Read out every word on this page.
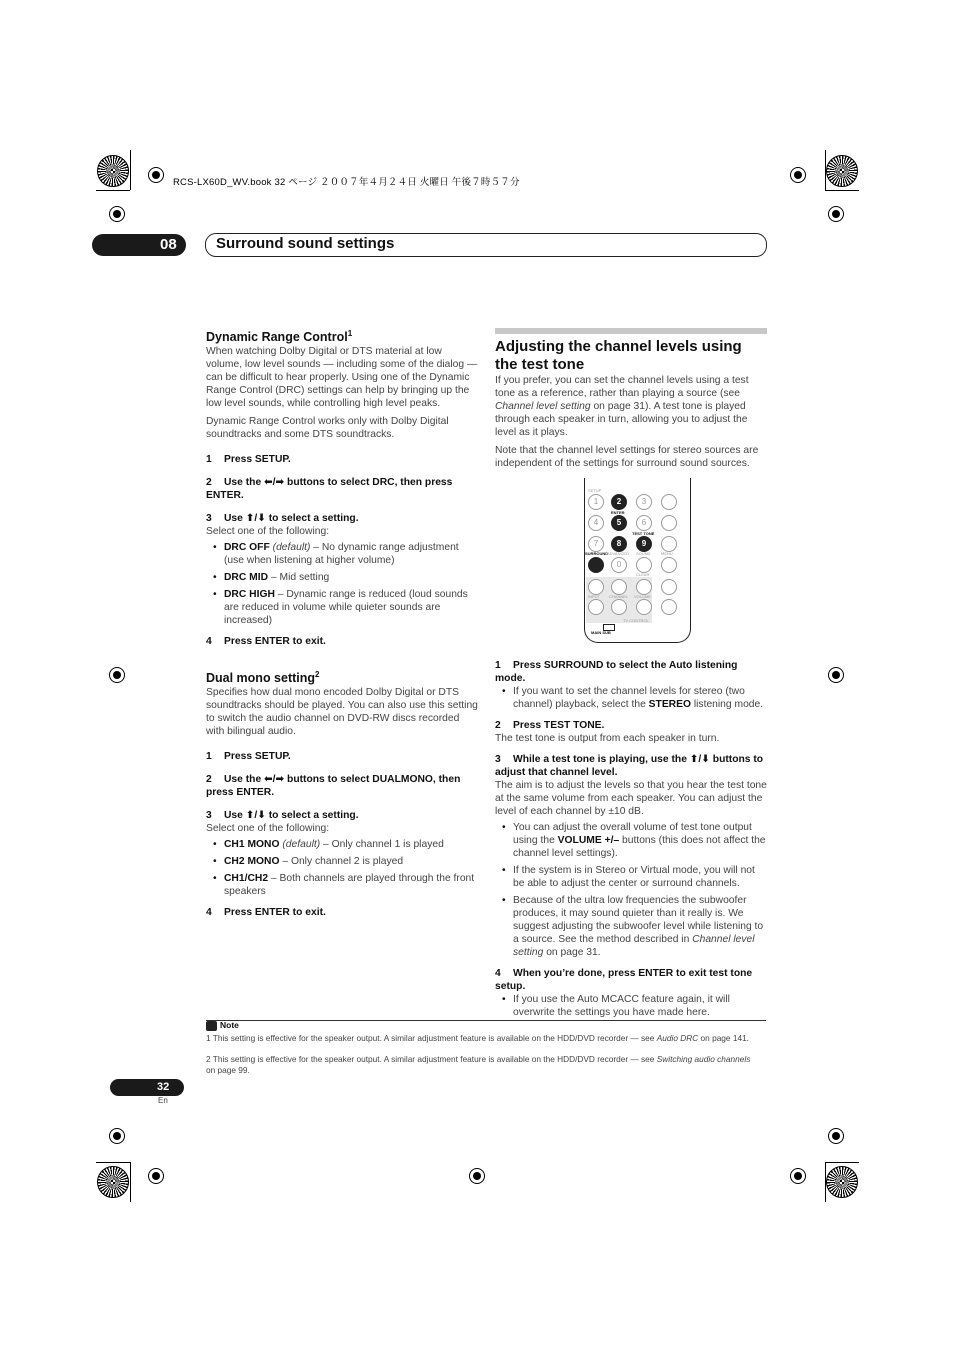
RCS-LX60D_WV.book 32 ページ ２００７年４月２４日 火曜日 午後７時５７分
08	Surround sound settings
Dynamic Range Control$^1$

When watching Dolby Digital or DTS material at low volume, low level sounds — including some of the dialog — can be difficult to hear properly. Using one of the Dynamic Range Control (DRC) settings can help by bringing up the low level sounds, while controlling high level peaks.

Dynamic Range Control works only with Dolby Digital soundtracks and some DTS soundtracks.

1 Press SETUP.

2 Use the ⬅/➡ buttons to select DRC, then press ENTER.

3 Use ⬆/⬇ to select a setting.

Select one of the following:

• DRC OFF (default) – No dynamic range adjustment (use when listening at higher volume)
• DRC MID – Mid setting
• DRC HIGH – Dynamic range is reduced (loud sounds are reduced in volume while quieter sounds are increased)

4 Press ENTER to exit.

Dual mono setting$^2$

Specifies how dual mono encoded Dolby Digital or DTS soundtracks should be played. You can also use this setting to switch the audio channel on DVD-RW discs recorded with bilingual audio.

1 Press SETUP.

2 Use the ⬅/➡ buttons to select DUALMONO, then press ENTER.

3 Use ⬆/⬇ to select a setting.

Select one of the following:

• CH1 MONO (default) – Only channel 1 is played
• CH2 MONO – Only channel 2 is played
• CH1/CH2 – Both channels are played through the front speakers

4 Press ENTER to exit.

Adjusting the channel levels using the test tone

If you prefer, you can set the channel levels using a test tone as a reference, rather than playing a source (see Channel level setting on page 31). A test tone is played through each speaker in turn, allowing you to adjust the level as it plays.

Note that the channel level settings for stereo sources are independent of the settings for surround sound sources.

1	2	3
SETUP
ENTER
4	5	6
TEST TONE
7	8	9
SURROUND
ADVANCED SOUND	MENU
0
CLEAR
INPUT CHANNEL VOLUME
TV CONTROL
MAIN SUB

1 Press SURROUND to select the Auto listening mode.

• If you want to set the channel levels for stereo (two channel) playback, select the STEREO listening mode.

2 Press TEST TONE.

The test tone is output from each speaker in turn.

3 While a test tone is playing, use the ⬆/⬇ buttons to adjust that channel level.

The aim is to adjust the levels so that you hear the test tone at the same volume from each speaker. You can adjust the level of each channel by ±10 dB.

• You can adjust the overall volume of test tone output using the VOLUME +/– buttons (this does not affect the channel level settings).
• If the system is in Stereo or Virtual mode, you will not be able to adjust the center or surround channels.
• Because of the ultra low frequencies the subwoofer produces, it may sound quieter than it really is. We suggest adjusting the subwoofer level while listening to a source. See the method described in Channel level setting on page 31.

4 When you’re done, press ENTER to exit test tone setup.

• If you use the Auto MCACC feature again, it will overwrite the settings you have made here.
Note
1 This setting is effective for the speaker output. A similar adjustment feature is available on the HDD/DVD recorder — see Audio DRC on page 141.
2 This setting is effective for the speaker output. A similar adjustment feature is available on the HDD/DVD recorder — see Switching audio channels on page 99.
32
En
